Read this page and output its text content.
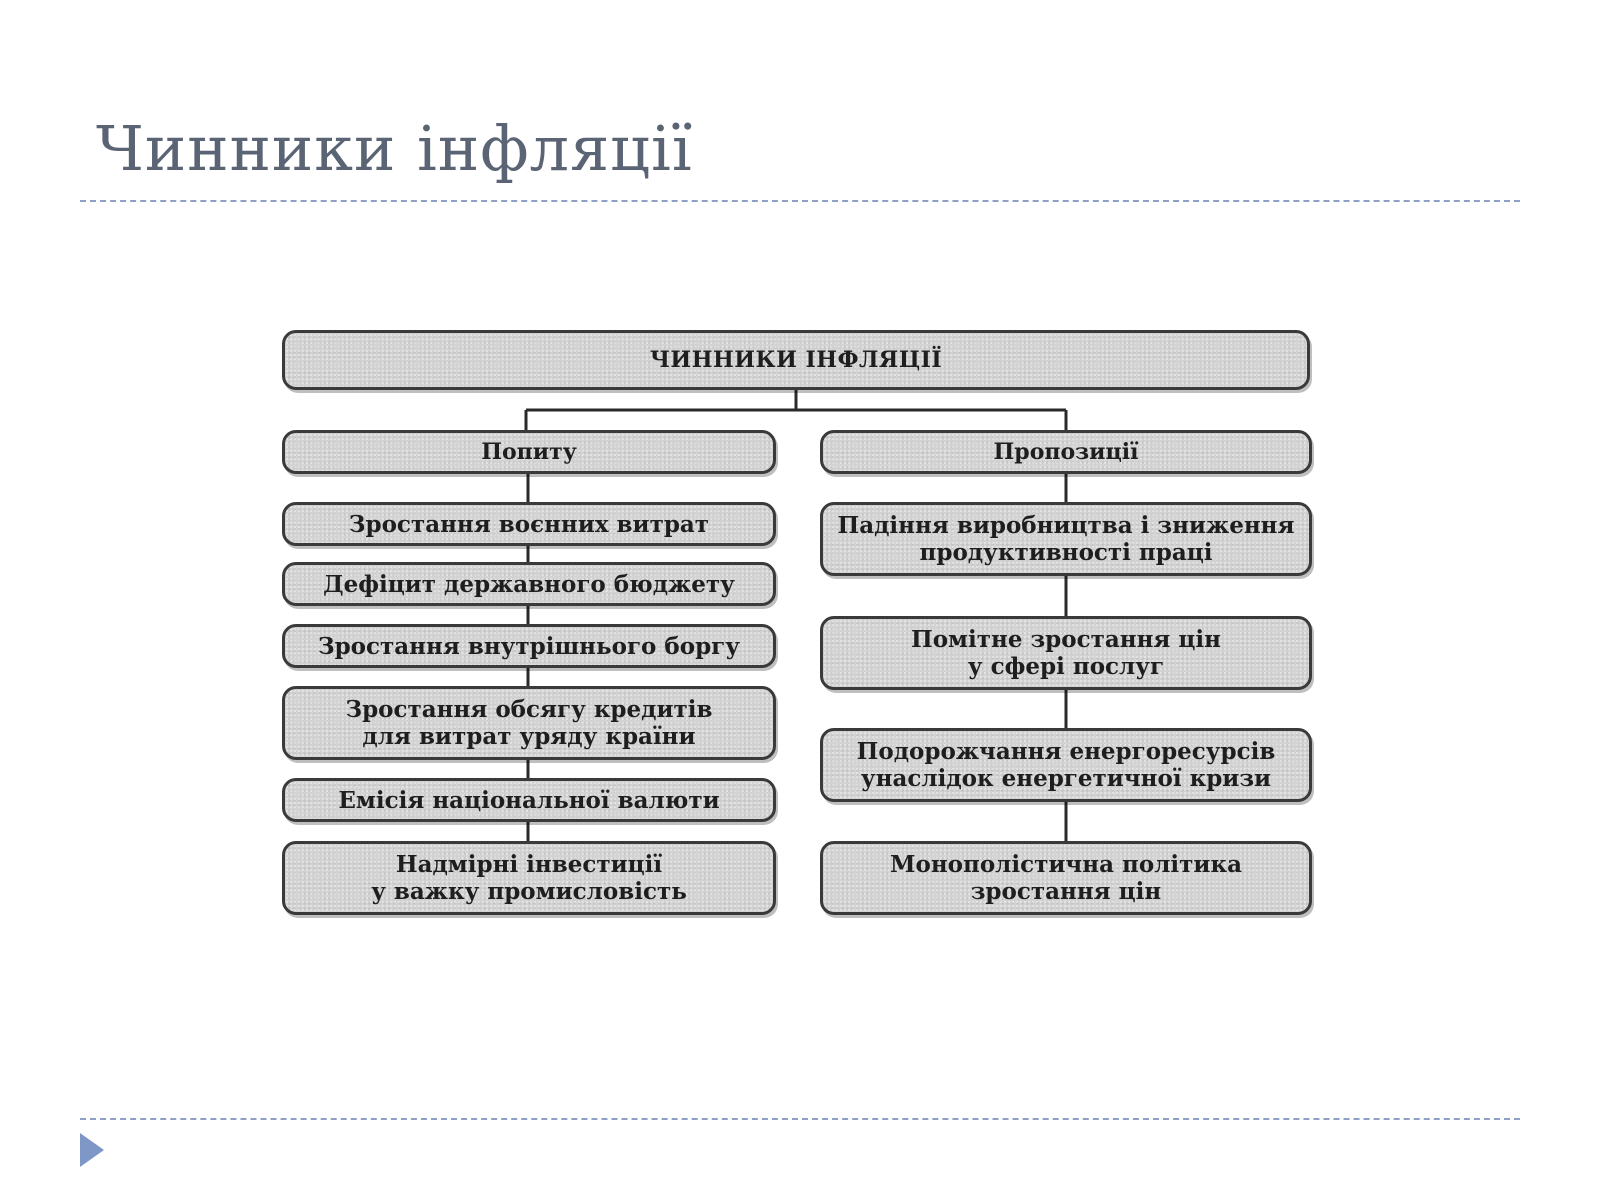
Чинники інфляції
ЧИННИКИ ІНФЛЯЦІЇ
Попиту	Пропозиції
Зростання воєнних витрат
Дефіцит державного бюджету
Зростання внутрішнього боргу
Зростання обсягу кредитів
для витрат уряду країни
Емісія національної валюти
Надмірні інвестиції
у важку промисловість
Падіння виробництва і зниження
продуктивності праці
Помітне зростання цін
у сфері послуг
Подорожчання енергоресурсів
унаслідок енергетичної кризи
Монополістична політика
зростання цін
